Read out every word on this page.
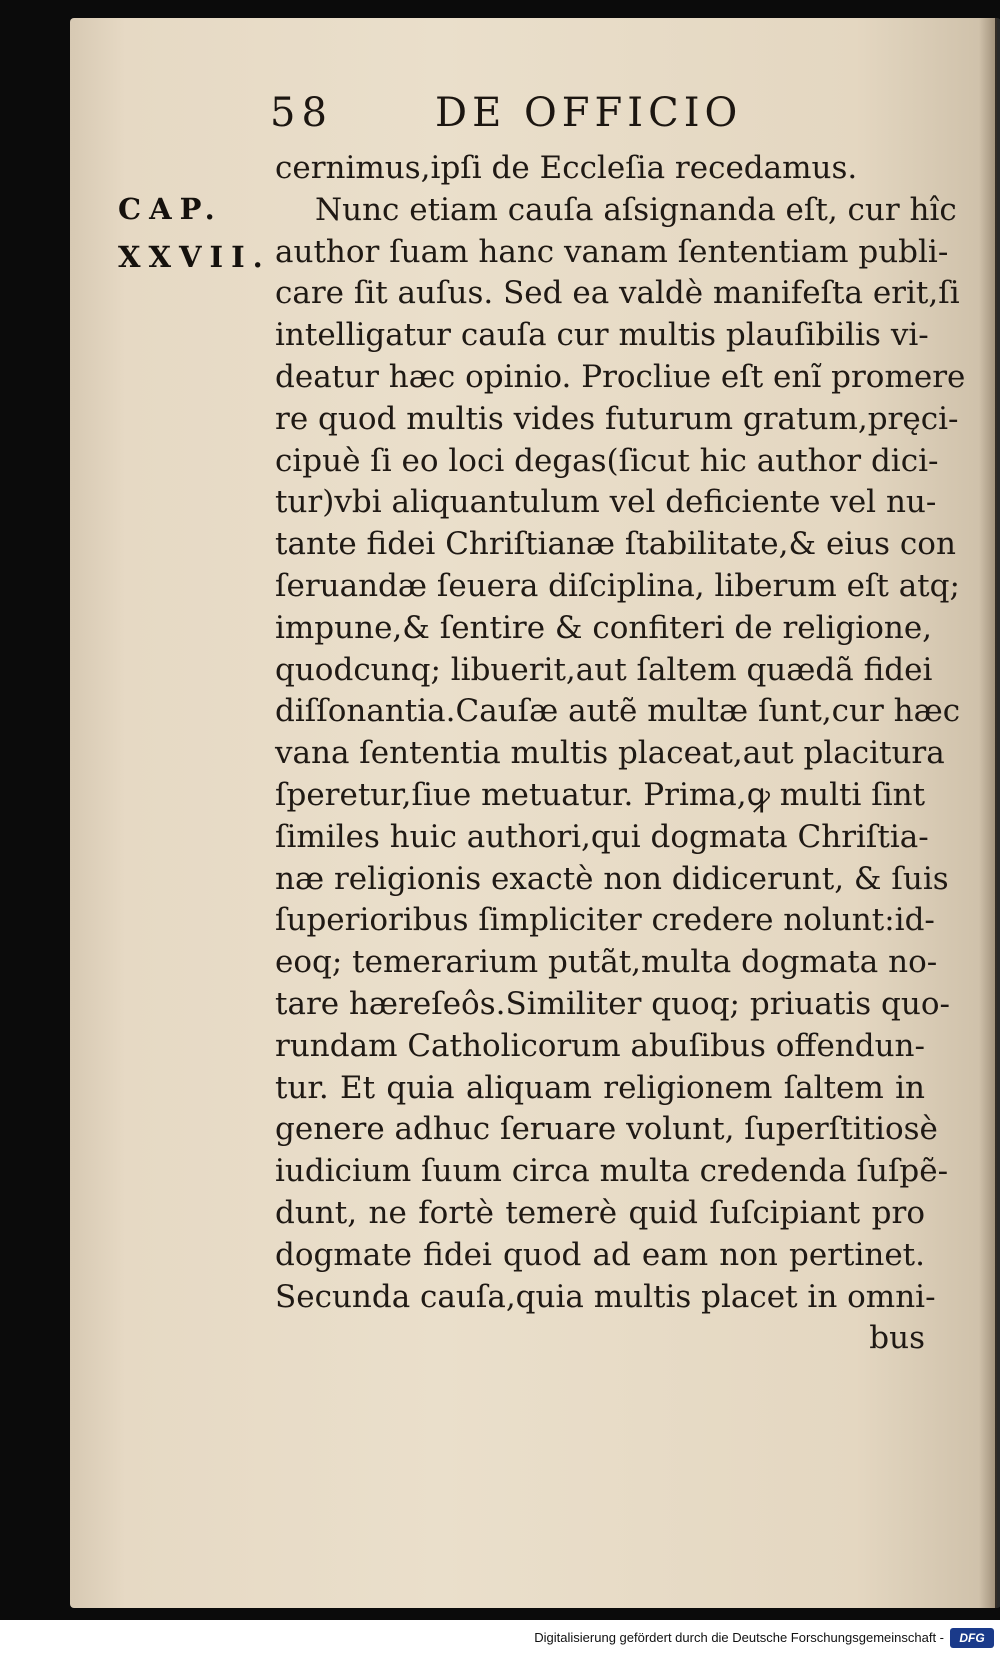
58	DE OFFICIO
CAP.
XXVII.
cernimus,ipſi de Eccleſia recedamus.
Nunc etiam cauſa aſsignanda eſt, cur hîc
author ſuam hanc vanam ſententiam publi-
care ſit auſus. Sed ea valdè manifeſta erit,ſi
intelligatur cauſa cur multis plauſibilis vi-
deatur hæc opinio. Procliue eſt enĩ promere
re quod multis vides futurum gratum,pręci-
cipuè ſi eo loci degas(ſicut hic author dici-
tur)vbi aliquantulum vel deficiente vel nu-
tante fidei Chriſtianæ ſtabilitate,& eius con
ſeruandæ ſeuera diſciplina, liberum eſt atq;
impune,& ſentire & confiteri de religione,
quodcunq; libuerit,aut ſaltem quædã fidei
diſſonantia.Cauſæ autẽ multæ ſunt,cur hæc
vana ſententia multis placeat,aut placitura
ſperetur,ſiue metuatur. Prima,ꝙ multi ſint
ſimiles huic authori,qui dogmata Chriſtia-
næ religionis exactè non didicerunt, & ſuis
ſuperioribus ſimpliciter credere nolunt:id-
eoq; temerarium putãt,multa dogmata no-
tare hæreſeôs.Similiter quoq; priuatis quo-
rundam Catholicorum abuſibus offendun-
tur. Et quia aliquam religionem ſaltem in
genere adhuc ſeruare volunt, ſuperſtitiosè
iudicium ſuum circa multa credenda ſuſpẽ-
dunt, ne fortè temerè quid ſuſcipiant pro
dogmate fidei quod ad eam non pertinet.
Secunda cauſa,quia multis placet in omni-
bus
Digitalisierung gefördert durch die Deutsche Forschungsgemeinschaft -	DFG
